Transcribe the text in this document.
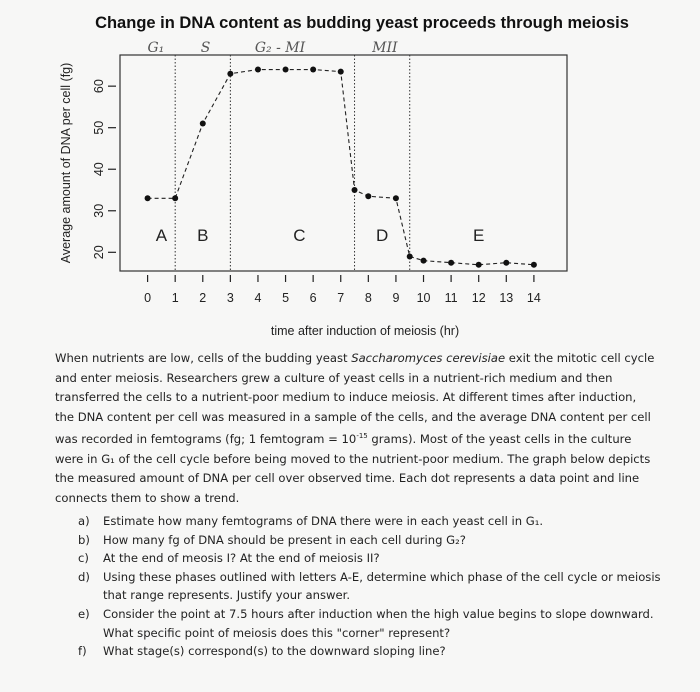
Change in DNA content as budding yeast proceeds through meiosis
Average amount of DNA per cell (fg)
time after induction of meiosis (hr)
0 1 2 3 4 5 6 7 8 9 10 11 12 13 14
20
30
40
50
60
A B	C	D	E
G₁	S	G₂ - MI	MII
When nutrients are low, cells of the budding yeast Saccharomyces cerevisiae exit the mitotic cell cycle and enter meiosis. Researchers grew a culture of yeast cells in a nutrient-rich medium and then transferred the cells to a nutrient-poor medium to induce meiosis. At different times after induction, the DNA content per cell was measured in a sample of the cells, and the average DNA content per cell was recorded in femtograms (fg; 1 femtogram = $10^{-15}$ grams). Most of the yeast cells in the culture were in G₁ of the cell cycle before being moved to the nutrient-poor medium. The graph below depicts the measured amount of DNA per cell over observed time. Each dot represents a data point and line connects them to show a trend.
a)	Estimate how many femtograms of DNA there were in each yeast cell in G₁.
b)	How many fg of DNA should be present in each cell during G₂?
c)	At the end of meosis I? At the end of meiosis II?
d)	Using these phases outlined with letters A-E, determine which phase of the cell cycle or meiosis that range represents. Justify your answer.
e)	Consider the point at 7.5 hours after induction when the high value begins to slope downward. What specific point of meiosis does this "corner" represent?
f)	What stage(s) correspond(s) to the downward sloping line?
